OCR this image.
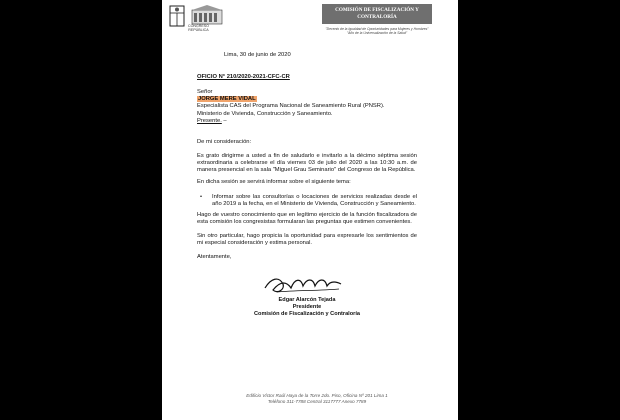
CONGRESO
REPÚBLICA
COMISIÓN DE FISCALIZACIÓN Y CONTRALORÍA
"Decenio de la Igualdad de Oportunidades para Mujeres y Hombres"
"Año de la Universalización de la Salud"
Lima, 30 de junio de 2020
OFICIO N° 210/2020-2021-CFC-CR
Señor
JORGE MERE VIDAL
Especialista CAS del Programa Nacional de Saneamiento Rural (PNSR).
Ministerio de Vivienda, Construcción y Saneamiento.
Presente. –
De mi consideración:
Es grato dirigirme a usted a fin de saludarlo e invitarlo a la décimo séptima sesión extraordinaria a celebrarse el día viernes 03 de julio del 2020 a las 10:30 a.m. de manera presencial en la sala "Miguel Grau Seminario" del Congreso de la República.
En dicha sesión se servirá informar sobre el siguiente tema:
• Informar sobre las consultorías o locaciones de servicios realizadas desde el año 2019 a la fecha, en el Ministerio de Vivienda, Construcción y Saneamiento.
Hago de vuestro conocimiento que en legítimo ejercicio de la función fiscalizadora de esta comisión los congresistas formularan las preguntas que estimen convenientes.
Sin otro particular, hago propicia la oportunidad para expresarle los sentimientos de mi especial consideración y estima personal.
Atentamente,
Edgar Alarcón Tejada
Presidente
Comisión de Fiscalización y Contraloría
Edificio Víctor Raúl Haya de la Torre 2do. Piso, Oficina Nº 201 Lima 1
Teléfono 311-7788 Central 3117777 Anexo 7789
